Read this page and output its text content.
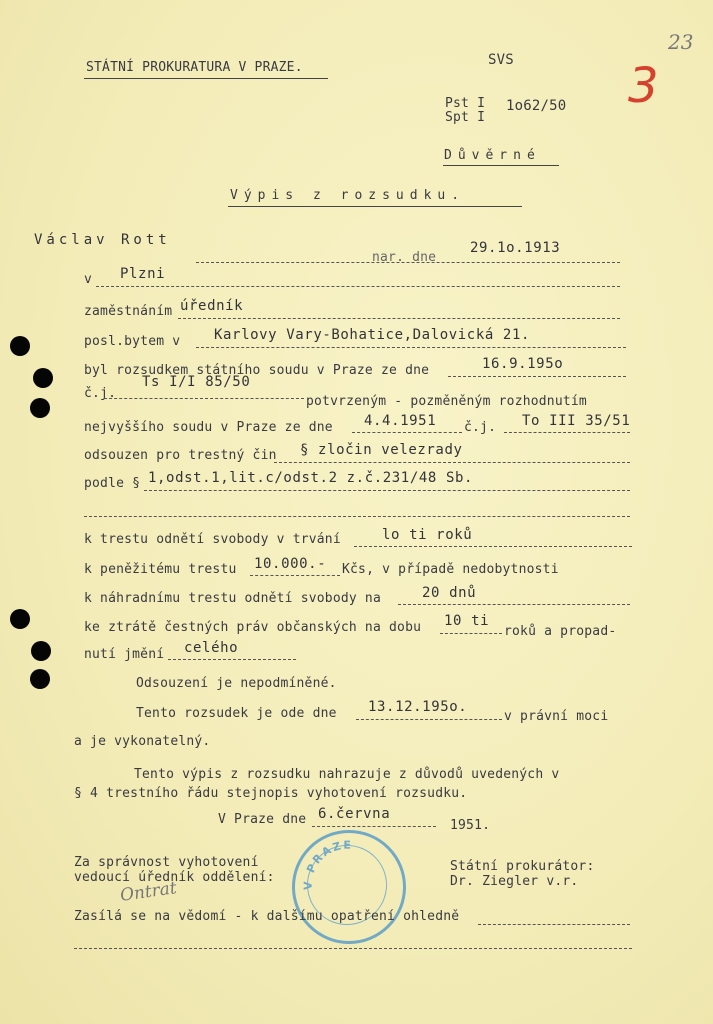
23
3
STÁTNÍ PROKURATURA V PRAZE.	SVS
Pst I
Spt I
1o62/50
Důvěrné
Výpis z rozsudku.
Václav Rott
nar. dne
29.1o.1913
v Plzni
zaměstnáním úředník
posl.bytem v Karlovy Vary-Bohatice,Dalovická 21.
byl rozsudkem státního soudu v Praze ze dne	16.9.195o
č.j.
Ts I/I 85/50
potvrzeným - pozměněným rozhodnutím
nejvyššího soudu v Praze ze dne 4.4.1951 č.j. To III 35/51
odsouzen pro trestný čin § zločin velezrady
podle § 1,odst.1,lit.c/odst.2 z.č.231/48 Sb.
k trestu odnětí svobody v trvání	lo ti roků
k peněžitému trestu 10.000.- Kčs, v případě nedobytnosti
k náhradnímu trestu odnětí svobody na	20 dnů
ke ztrátě čestných práv občanských na dobu 10 ti
roků a propad-
nutí jmění celého
Odsouzení je nepodmíněné.
Tento rozsudek je ode dne 13.12.195o.
v právní moci
a je vykonatelný.
Tento výpis z rozsudku nahrazuje z důvodů uvedených v
§ 4 trestního řádu stejnopis vyhotovení rozsudku.
V Praze dne 6.června
1951.
Za správnost vyhotovení
vedoucí úředník oddělení:
Ontrat
Státní prokurátor:
Dr. Ziegler v.r.
V PRAZE
Zasílá se na vědomí - k dalšímu opatření ohledně
